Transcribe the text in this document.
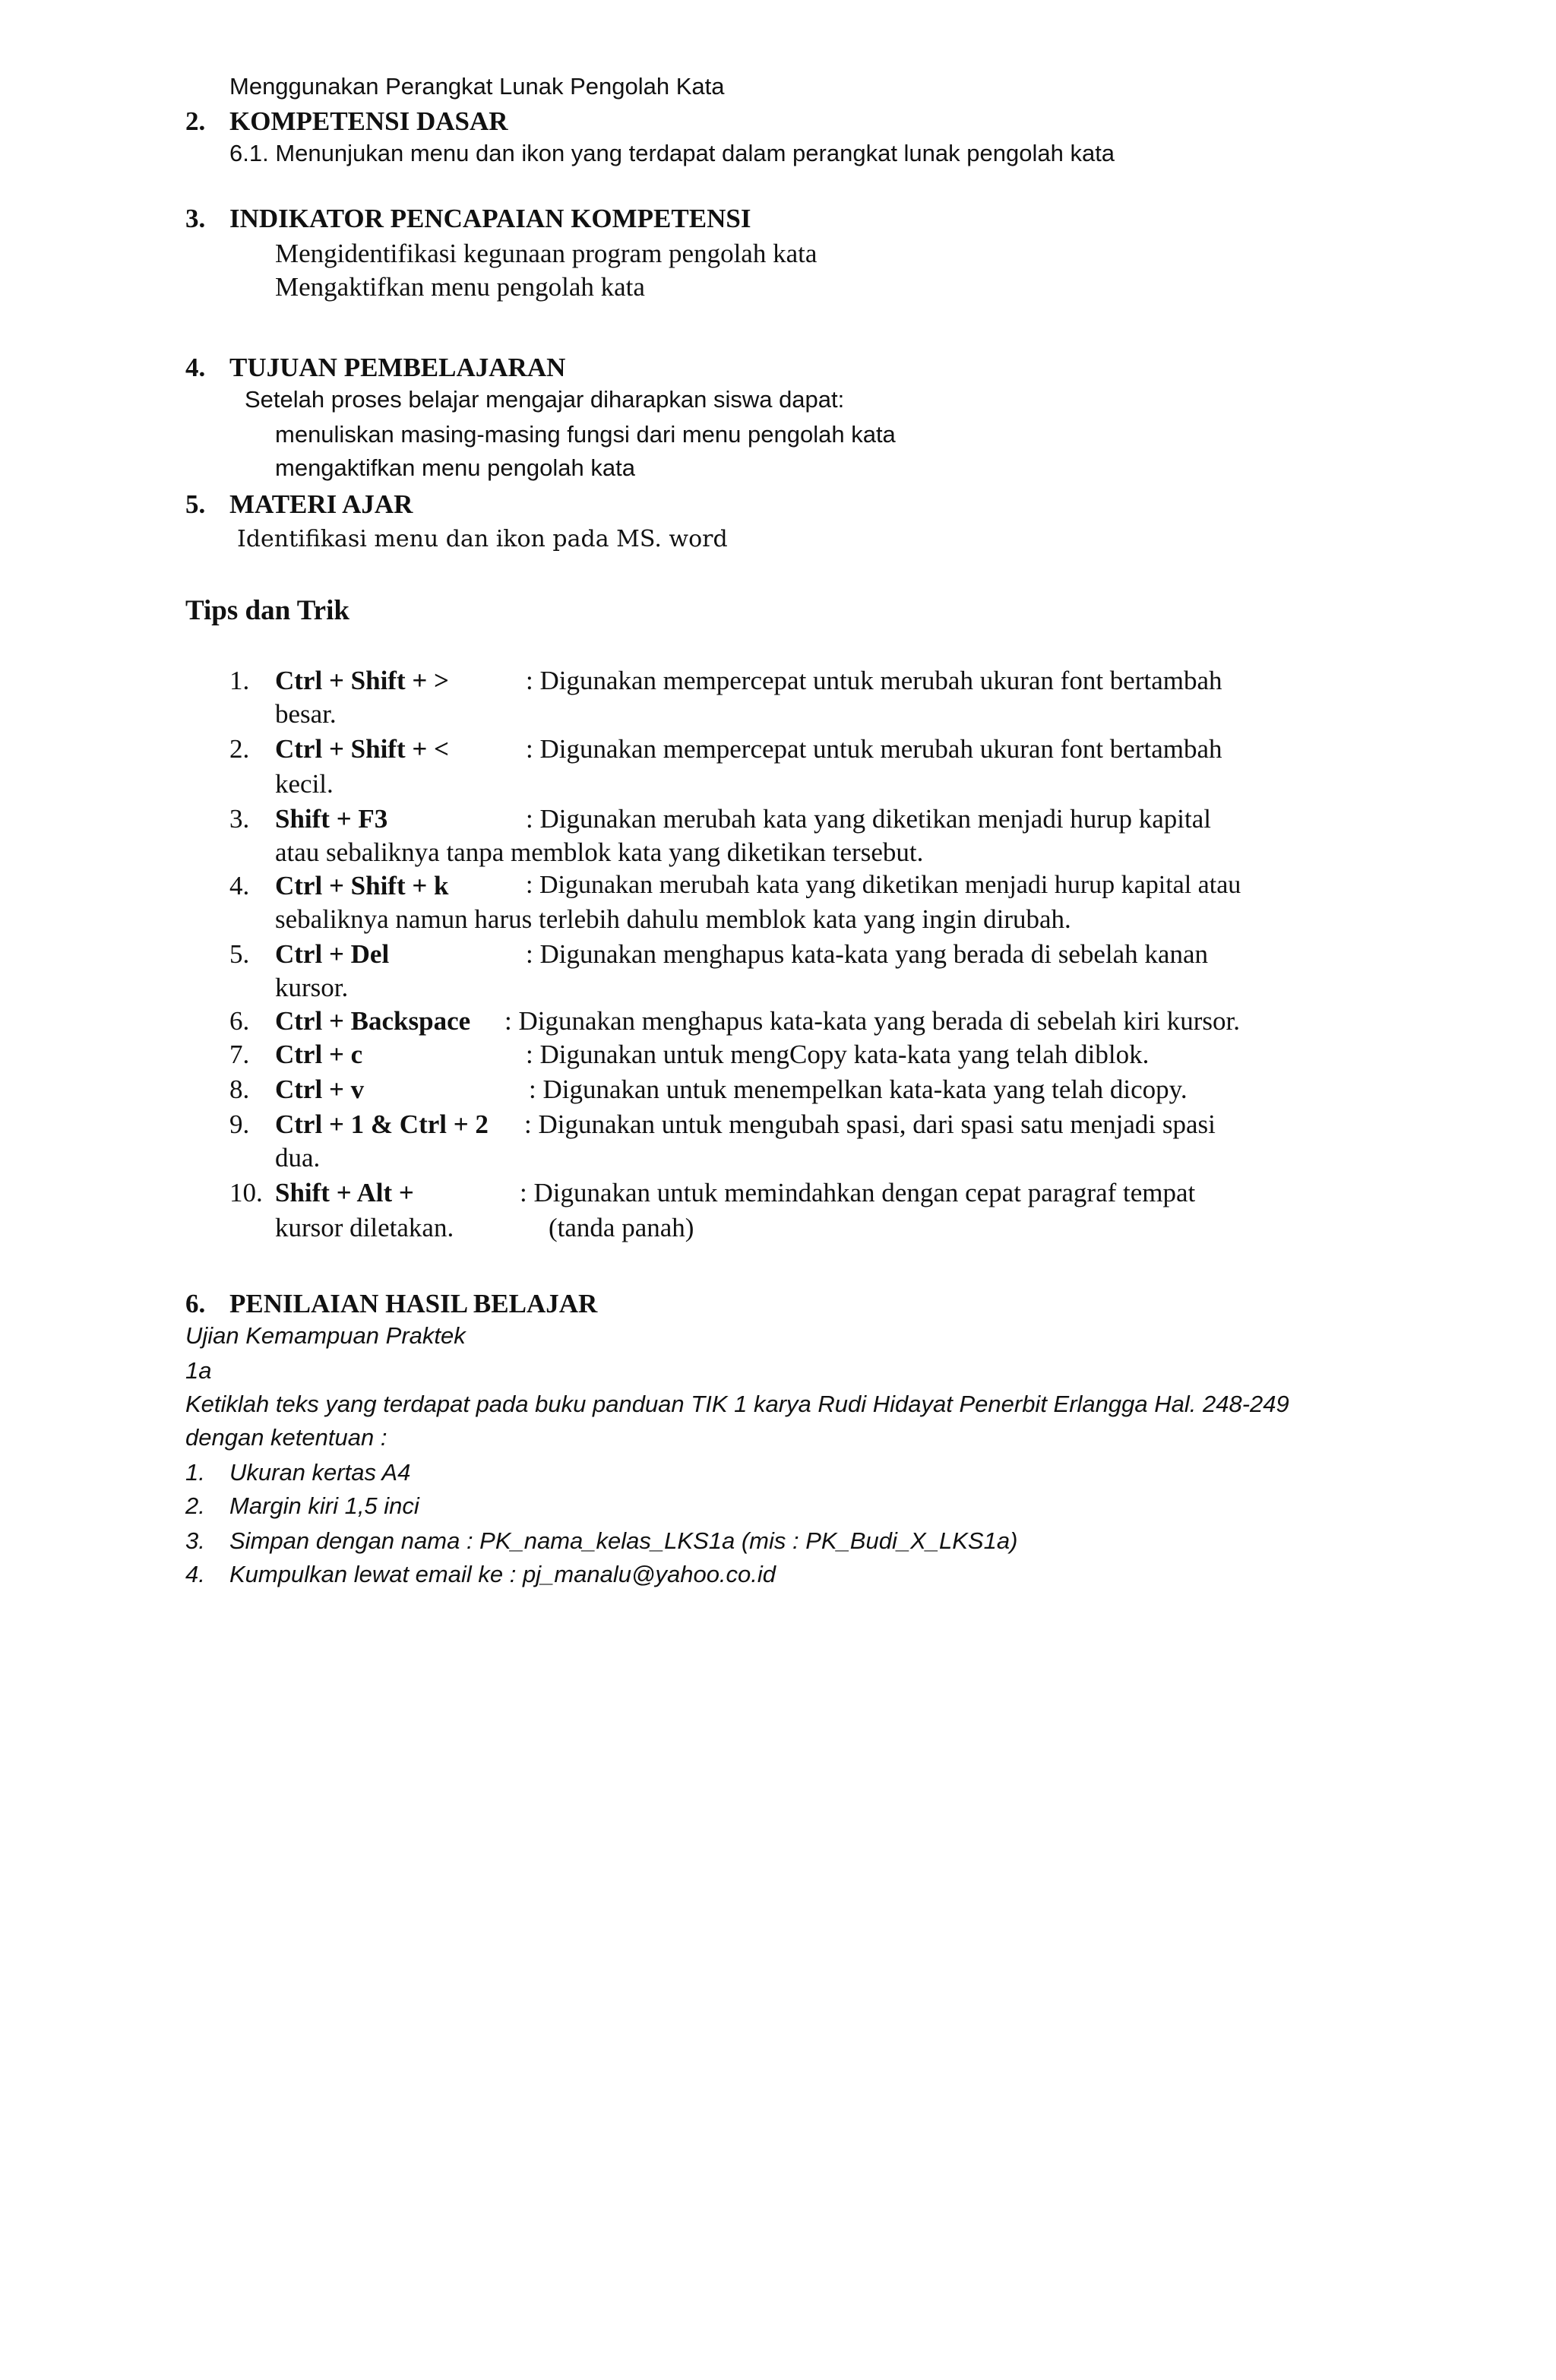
Menggunakan Perangkat Lunak Pengolah Kata

2. KOMPETENSI DASAR

6.1. Menunjukan menu dan ikon yang terdapat dalam perangkat lunak pengolah kata

3. INDIKATOR PENCAPAIAN KOMPETENSI

Mengidentifikasi kegunaan program pengolah kata

Mengaktifkan menu pengolah kata

4. TUJUAN PEMBELAJARAN

Setelah proses belajar mengajar diharapkan siswa dapat:

menuliskan masing-masing fungsi dari menu pengolah kata

mengaktifkan menu pengolah kata

5. MATERI AJAR

Identifikasi menu dan ikon pada MS. word

Tips dan Trik

1. Ctrl + Shift + >	: Digunakan mempercepat untuk merubah ukuran font bertambah

besar.

2. Ctrl + Shift + <	: Digunakan mempercepat untuk merubah ukuran font bertambah

kecil.

3. Shift + F3	: Digunakan merubah kata yang diketikan menjadi hurup kapital

atau sebaliknya tanpa memblok kata yang diketikan tersebut.

4. Ctrl + Shift + k	: Digunakan merubah kata yang diketikan menjadi hurup kapital atau

sebaliknya namun harus terlebih dahulu memblok kata yang ingin dirubah.

5. Ctrl + Del	: Digunakan menghapus kata-kata yang berada di sebelah kanan

kursor.

6. Ctrl + Backspace : Digunakan menghapus kata-kata yang berada di sebelah kiri kursor.

7. Ctrl + c	: Digunakan untuk mengCopy kata-kata yang telah diblok.

8. Ctrl + v	: Digunakan untuk menempelkan kata-kata yang telah dicopy.

9. Ctrl + 1 & Ctrl + 2 : Digunakan untuk mengubah spasi, dari spasi satu menjadi spasi

dua.

10. Shift + Alt +	: Digunakan untuk memindahkan dengan cepat paragraf tempat

kursor diletakan.	(tanda panah)

6. PENILAIAN HASIL BELAJAR

Ujian Kemampuan Praktek

1a

Ketiklah teks yang terdapat pada buku panduan TIK 1 karya Rudi Hidayat Penerbit Erlangga Hal. 248-249

dengan ketentuan :

1. Ukuran kertas A4

2. Margin kiri 1,5 inci

3. Simpan dengan nama : PK_nama_kelas_LKS1a (mis : PK_Budi_X_LKS1a)

4. Kumpulkan lewat email ke : pj_manalu@yahoo.co.id
